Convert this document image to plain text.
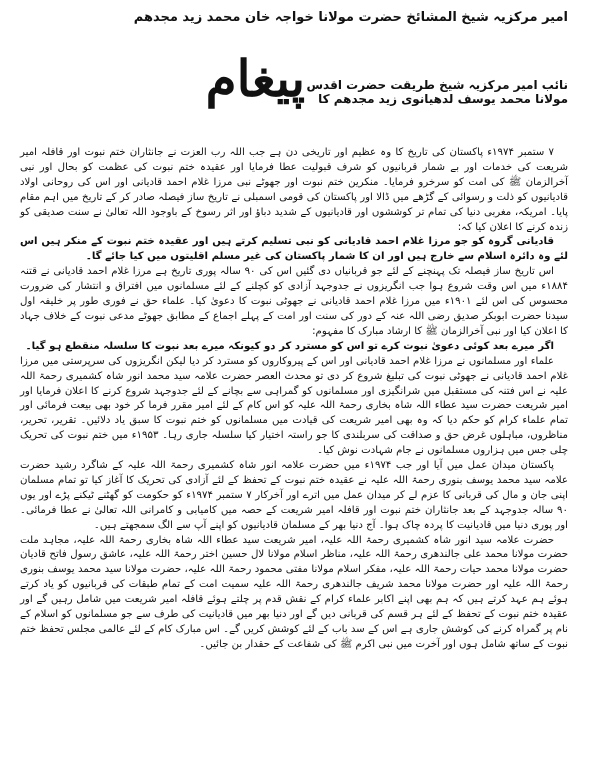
امیر مرکزیہ شیخ المشائخ حضرت مولانا خواجہ خان محمد زید مجدھم
پیغام نائب امیر مرکزیہ شیخ طریقت حضرت اقدس مولانا محمد یوسف لدھیانوی زید مجدھم کا

۷ ستمبر ۱۹۷۴ء پاکستان کی تاریخ کا وہ عظیم اور تاریخی دن ہے جب اللہ رب العزت نے جانثاران ختم نبوت اور قافلہ امیر شریعت کی خدمات اور بے شمار قربانیوں کو شرف قبولیت عطا فرمایا اور عقیدہ ختم نبوت کی عظمت کو بحال اور نبی آخرالزمان ﷺ کی امت کو سرخرو فرمایا۔ منکرین ختم نبوت اور جھوٹے نبی مرزا غلام احمد قادیانی اور اس کی روحانی اولاد قادیانیوں کو ذلت و رسوائی کے گڑھے میں ڈالا اور پاکستان کی قومی اسمبلی نے تاریخ ساز فیصلہ صادر کر کے تاریخ میں اہم مقام پایا۔ امریکہ، مغربی دنیا کی تمام تر کوششوں اور قادیانیوں کے شدید دباؤ اور اثر رسوخ کے باوجود اللہ تعالیٰ نے سنت صدیقی کو زندہ کرنے کا اعلان کیا کہ:

قادیانی گروہ کو جو مرزا غلام احمد قادیانی کو نبی تسلیم کرتے ہیں اور عقیدہ ختم نبوت کے منکر ہیں اس لئے وہ دائرہ اسلام سے خارج ہیں اور ان کا شمار پاکستان کی غیر مسلم اقلیتوں میں کیا جائے گا۔

اس تاریخ ساز فیصلہ تک پہنچنے کے لئے جو قربانیاں دی گئیں اس کی ۹۰ سالہ پوری تاریخ ہے مرزا غلام احمد قادیانی نے قتنہ ۱۸۸۴ء میں اس وقت شروع ہوا جب انگریزوں نے جدوجہد آزادی کو کچلنے کے لئے مسلمانوں میں افتراق و انتشار کی ضرورت محسوس کی اس لئے ۱۹۰۱ء میں مرزا غلام احمد قادیانی نے جھوٹی نبوت کا دعویٰ کیا۔ علماء حق نے فوری طور پر خلیفہ اول سیدنا حضرت ابوبکر صدیق رضی اللہ عنہ کے دور کی سنت اور امت کے پہلے اجماع کے مطابق جھوٹے مدعی نبوت کے خلاف جہاد کا اعلان کیا اور نبی آخرالزمان ﷺ کا ارشاد مبارک کا مفہوم:

اگر میرے بعد کوئی دعویٰ نبوت کرے تو اس کو مسترد کر دو کیونکہ میرے بعد نبوت کا سلسلہ منقطع ہو گیا۔

علماء اور مسلمانوں نے مرزا غلام احمد قادیانی اور اس کے پیروکاروں کو مسترد کر دیا لیکن انگریزوں کی سرپرستی میں مرزا غلام احمد قادیانی نے جھوٹی نبوت کی تبلیغ شروع کر دی تو محدث العصر حضرت علامہ سید محمد انور شاہ کشمیری رحمۃ اللہ علیہ نے اس فتنہ کی مستقبل میں شرانگیزی اور مسلمانوں کو گمراہی سے بچانے کے لئے جدوجہد شروع کرنے کا اعلان فرمایا اور امیر شریعت حضرت سید عطاء اللہ شاہ بخاری رحمۃ اللہ علیہ کو اس کام کے لئے امیر مقرر فرما کر خود بھی بیعت فرمائی اور تمام علماء کرام کو حکم دیا کہ وہ بھی امیر شریعت کی قیادت میں مسلمانوں کو ختم نبوت کا سبق یاد دلائیں۔ تقریر، تحریر، مناظروں، مباہلوں غرض حق و صداقت کی سربلندی کا جو راستہ اختیار کیا سلسلہ جاری رہا۔ ۱۹۵۳ء میں ختم نبوت کی تحریک چلی جس میں ہزاروں مسلمانوں نے جام شہادت نوش کیا۔

پاکستان میدان عمل میں آیا اور جب ۱۹۷۴ء میں حضرت علامہ انور شاہ کشمیری رحمۃ اللہ علیہ کے شاگرد رشید حضرت علامہ سید محمد یوسف بنوری رحمۃ اللہ علیہ نے عقیدہ ختم نبوت کے تحفظ کے لئے آزادی کی تحریک کا آغاز کیا تو تمام مسلمان اپنی جان و مال کی قربانی کا عزم لے کر میدان عمل میں اترے اور آخرکار ۷ ستمبر ۱۹۷۴ء کو حکومت کو گھٹنے ٹیکنے پڑے اور یوں ۹۰ سالہ جدوجہد کے بعد جانثاران ختم نبوت اور قافلہ امیر شریعت کے حصہ میں کامیابی و کامرانی اللہ تعالیٰ نے عطا فرمائی۔ اور پوری دنیا میں قادیانیت کا پردہ چاک ہوا۔ آج دنیا بھر کے مسلمان قادیانیوں کو اپنے آپ سے الگ سمجھتے ہیں۔

حضرت علامہ سید انور شاہ کشمیری رحمۃ اللہ علیہ، امیر شریعت سید عطاء اللہ شاہ بخاری رحمۃ اللہ علیہ، مجاہد ملت حضرت مولانا محمد علی جالندھری رحمۃ اللہ علیہ، مناظر اسلام مولانا لال حسین اختر رحمۃ اللہ علیہ، عاشق رسول فاتح قادیان حضرت مولانا محمد حیات رحمۃ اللہ علیہ، مفکر اسلام مولانا مفتی محمود رحمۃ اللہ علیہ، حضرت مولانا سید محمد یوسف بنوری رحمۃ اللہ علیہ اور حضرت مولانا محمد شریف جالندھری رحمۃ اللہ علیہ سمیت امت کے تمام طبقات کی قربانیوں کو یاد کرتے ہوئے ہم عہد کرتے ہیں کہ ہم بھی اپنے اکابر علماء کرام کے نقش قدم پر چلتے ہوئے قافلہ امیر شریعت میں شامل رہیں گے اور عقیدہ ختم نبوت کے تحفظ کے لئے ہر قسم کی قربانی دیں گے اور دنیا بھر میں قادیانیت کی طرف سے جو مسلمانوں کو اسلام کے نام پر گمراہ کرنے کی کوشش جاری ہے اس کے سد باب کے لئے کوشش کریں گے۔ اس مبارک کام کے لئے عالمی مجلس تحفظ ختم نبوت کے ساتھ شامل ہوں اور آخرت میں نبی اکرم ﷺ کی شفاعت کے حقدار بن جائیں۔
